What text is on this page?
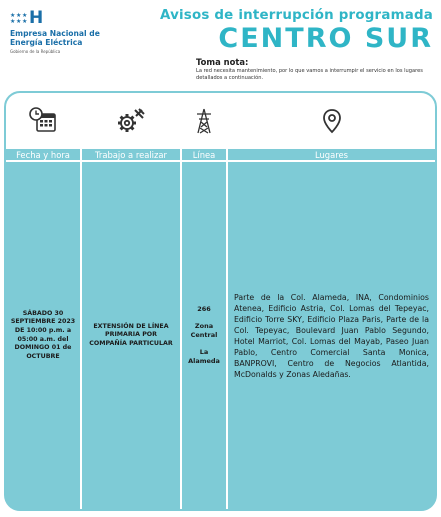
★ ★ ★
★ ★ ★ H
Empresa Nacional de Energía Eléctrica
Gobierno de la República
Avisos de interrupción programada
CENTRO SUR
Toma nota:
La red necesita mantenimiento, por lo que vamos a interrumpir el servicio en los lugares detallados a continuación.
Fecha y hora
SÁBADO 30 SEPTIEMBRE 2023 DE 10:00 p.m. a 05:00 a.m. del DOMINGO 01 de OCTUBRE
Trabajo a realizar
EXTENSIÓN DE LÍNEA PRIMARIA POR COMPAÑÍA PARTICULAR
Línea
266
Zona Central
La Alameda
Lugares
Parte de la Col. Alameda, INA, Condominios Atenea, Edificio Astria, Col. Lomas del Tepeyac, Edificio Torre SKY, Edificio Plaza Paris, Parte de la Col. Tepeyac, Boulevard Juan Pablo Segundo, Hotel Marriot, Col. Lomas del Mayab, Paseo Juan Pablo, Centro Comercial Santa Monica, BANPROVI, Centro de Negocios Atlantida, McDonalds y Zonas Aledañas.
